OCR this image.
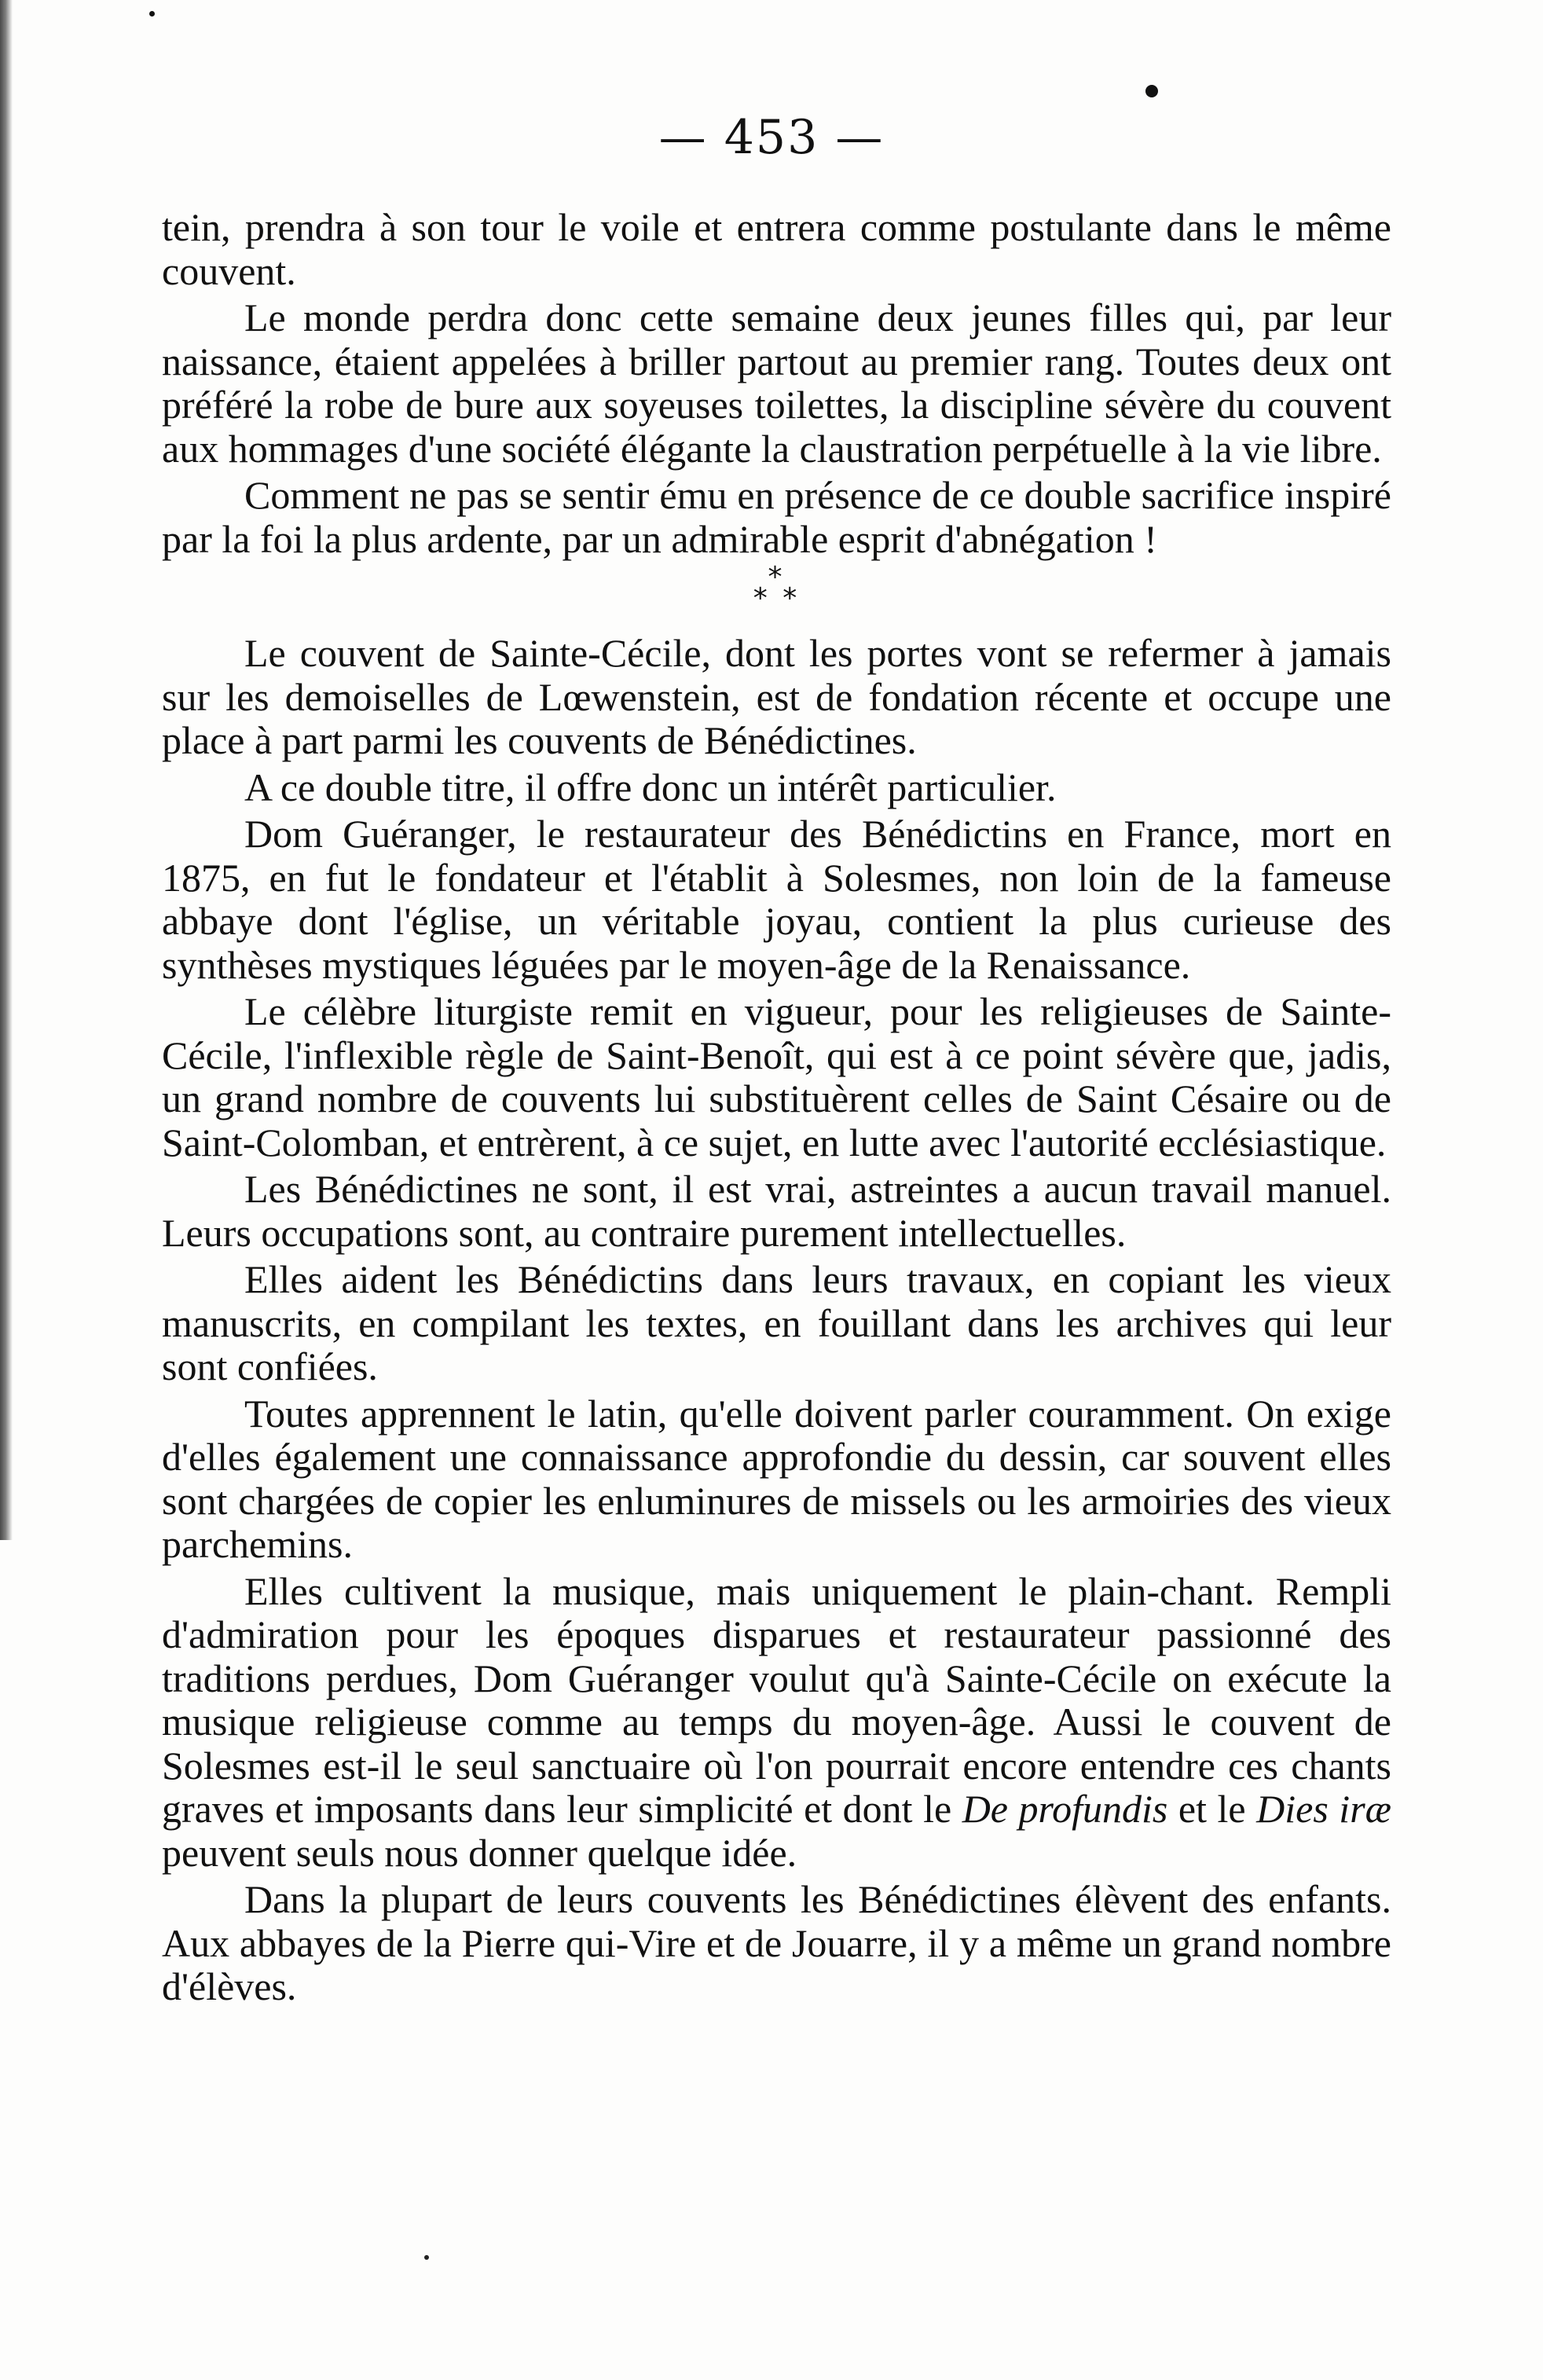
— 453 —

tein, prendra à son tour le voile et entrera comme postulante dans le même couvent.

Le monde perdra donc cette semaine deux jeunes filles qui, par leur naissance, étaient appelées à briller partout au premier rang. Toutes deux ont préféré la robe de bure aux soyeuses toilettes, la discipline sévère du couvent aux hommages d'une société élégante la claustration perpétuelle à la vie libre.

Comment ne pas se sentir ému en présence de ce double sacrifice inspiré par la foi la plus ardente, par un admirable esprit d'abnégation !

*
* *

Le couvent de Sainte-Cécile, dont les portes vont se refermer à jamais sur les demoiselles de Lœwenstein, est de fondation récente et occupe une place à part parmi les couvents de Bénédictines.

A ce double titre, il offre donc un intérêt particulier.

Dom Guéranger, le restaurateur des Bénédictins en France, mort en 1875, en fut le fondateur et l'établit à Solesmes, non loin de la fameuse abbaye dont l'église, un véritable joyau, contient la plus curieuse des synthèses mystiques léguées par le moyen-âge de la Renaissance.

Le célèbre liturgiste remit en vigueur, pour les religieuses de Sainte-Cécile, l'inflexible règle de Saint-Benoît, qui est à ce point sévère que, jadis, un grand nombre de couvents lui substituèrent celles de Saint Césaire ou de Saint-Colomban, et entrèrent, à ce sujet, en lutte avec l'autorité ecclésiastique.

Les Bénédictines ne sont, il est vrai, astreintes a aucun travail manuel. Leurs occupations sont, au contraire purement intellectuelles.

Elles aident les Bénédictins dans leurs travaux, en copiant les vieux manuscrits, en compilant les textes, en fouillant dans les archives qui leur sont confiées.

Toutes apprennent le latin, qu'elle doivent parler couramment. On exige d'elles également une connaissance approfondie du dessin, car souvent elles sont chargées de copier les enluminures de missels ou les armoiries des vieux parchemins.

Elles cultivent la musique, mais uniquement le plain-chant. Rempli d'admiration pour les époques disparues et restaurateur passionné des traditions perdues, Dom Guéranger voulut qu'à Sainte-Cécile on exécute la musique religieuse comme au temps du moyen-âge. Aussi le couvent de Solesmes est-il le seul sanctuaire où l'on pourrait encore entendre ces chants graves et imposants dans leur simplicité et dont le De profundis et le Dies iræ peuvent seuls nous donner quelque idée.

Dans la plupart de leurs couvents les Bénédictines élèvent des enfants. Aux abbayes de la Pierre qui-Vire et de Jouarre, il y a même un grand nombre d'élèves.
